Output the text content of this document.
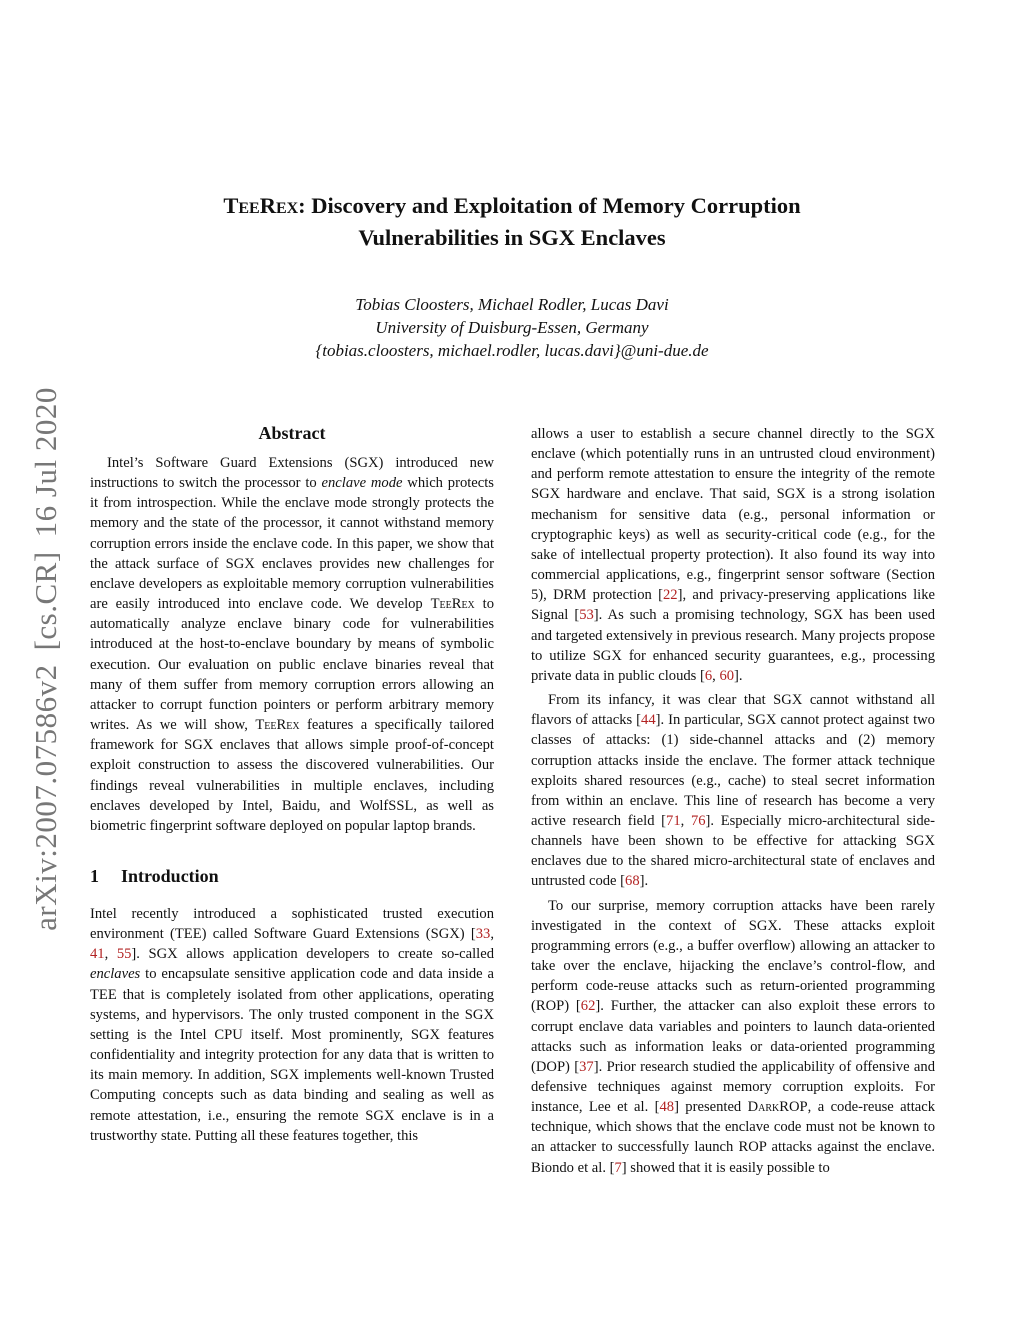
arXiv:2007.07586v2[cs.CR]16 Jul 2020
TeeRex: Discovery and Exploitation of Memory Corruption
Vulnerabilities in SGX Enclaves
Tobias Cloosters, Michael Rodler, Lucas Davi
University of Duisburg-Essen, Germany
{tobias.cloosters, michael.rodler, lucas.davi}@uni-due.de
Abstract

Intel’s Software Guard Extensions (SGX) introduced new instructions to switch the processor to enclave mode which protects it from introspection. While the enclave mode strongly protects the memory and the state of the processor, it cannot withstand memory corruption errors inside the enclave code. In this paper, we show that the attack surface of SGX enclaves provides new challenges for enclave developers as exploitable memory corruption vulnerabilities are easily introduced into enclave code. We develop TeeRex to automatically analyze enclave binary code for vulnerabilities introduced at the host-to-enclave boundary by means of symbolic execution. Our evaluation on public enclave binaries reveal that many of them suffer from memory corruption errors allowing an attacker to corrupt function pointers or perform arbitrary memory writes. As we will show, TeeRex features a specifically tailored framework for SGX enclaves that allows simple proof-of-concept exploit construction to assess the discovered vulnerabilities. Our findings reveal vulnerabilities in multiple enclaves, including enclaves developed by Intel, Baidu, and WolfSSL, as well as biometric fingerprint software deployed on popular laptop brands.

1 Introduction

Intel recently introduced a sophisticated trusted execution environment (TEE) called Software Guard Extensions (SGX) [33, 41, 55]. SGX allows application developers to create so-called enclaves to encapsulate sensitive application code and data inside a TEE that is completely isolated from other applications, operating systems, and hypervisors. The only trusted component in the SGX setting is the Intel CPU itself. Most prominently, SGX features confidentiality and integrity protection for any data that is written to its main memory. In addition, SGX implements well-known Trusted Computing concepts such as data binding and sealing as well as remote attestation, i.e., ensuring the remote SGX enclave is in a trustworthy state. Putting all these features together, this

allows a user to establish a secure channel directly to the SGX enclave (which potentially runs in an untrusted cloud environment) and perform remote attestation to ensure the integrity of the remote SGX hardware and enclave. That said, SGX is a strong isolation mechanism for sensitive data (e.g., personal information or cryptographic keys) as well as security-critical code (e.g., for the sake of intellectual property protection). It also found its way into commercial applications, e.g., fingerprint sensor software (Section 5), DRM protection [22], and privacy-preserving applications like Signal [53]. As such a promising technology, SGX has been used and targeted extensively in previous research. Many projects propose to utilize SGX for enhanced security guarantees, e.g., processing private data in public clouds [6, 60].

From its infancy, it was clear that SGX cannot withstand all flavors of attacks [44]. In particular, SGX cannot protect against two classes of attacks: (1) side-channel attacks and (2) memory corruption attacks inside the enclave. The former attack technique exploits shared resources (e.g., cache) to steal secret information from within an enclave. This line of research has become a very active research field [71, 76]. Especially micro-architectural side-channels have been shown to be effective for attacking SGX enclaves due to the shared micro-architectural state of enclaves and untrusted code [68].

To our surprise, memory corruption attacks have been rarely investigated in the context of SGX. These attacks exploit programming errors (e.g., a buffer overflow) allowing an attacker to take over the enclave, hijacking the enclave’s control-flow, and perform code-reuse attacks such as return-oriented programming (ROP) [62]. Further, the attacker can also exploit these errors to corrupt enclave data variables and pointers to launch data-oriented attacks such as information leaks or data-oriented programming (DOP) [37]. Prior research studied the applicability of offensive and defensive techniques against memory corruption exploits. For instance, Lee et al. [48] presented DarkROP, a code-reuse attack technique, which shows that the enclave code must not be known to an attacker to successfully launch ROP attacks against the enclave. Biondo et al. [7] showed that it is easily possible to
